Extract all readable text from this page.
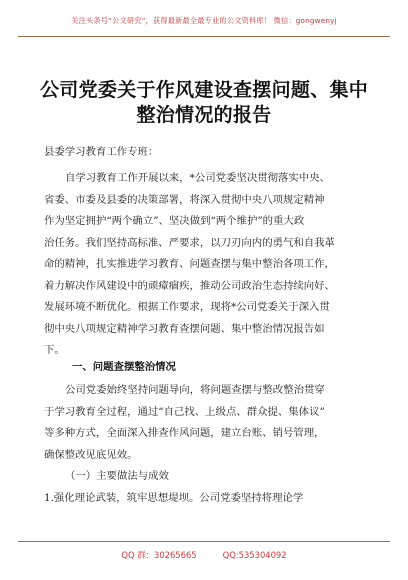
关注头条号“公文研究”，获得最新最全最专业的公文资料库！ 微信：gongwenyj
公司党委关于作风建设查摆问题、集中
整治情况的报告
县委学习教育工作专班：
自学习教育工作开展以来，*公司党委坚决贯彻落实中央、
省委、市委及县委的决策部署，将深入贯彻中央八项规定精神
作为坚定拥护“两个确立”、坚决做到“两个维护”的重大政
治任务。我们坚持高标准、严要求，以刀刃向内的勇气和自我革
命的精神，扎实推进学习教育、问题查摆与集中整治各项工作，
着力解决作风建设中的顽瘴痼疾，推动公司政治生态持续向好、
发展环境不断优化。根据工作要求，现将*公司党委关于深入贯
彻中央八项规定精神学习教育查摆问题、集中整治情况报告如
下。
一、问题查摆整治情况
公司党委始终坚持问题导向，将问题查摆与整改整治贯穿
于学习教育全过程，通过“自己找、上级点、群众提、集体议”
等多种方式，全面深入排查作风问题，建立台账、销号管理，
确保整改见底见效。
（一）主要做法与成效
1.强化理论武装，筑牢思想堤坝。公司党委坚持将理论学
QQ 群：30265665	QQ:535304092
